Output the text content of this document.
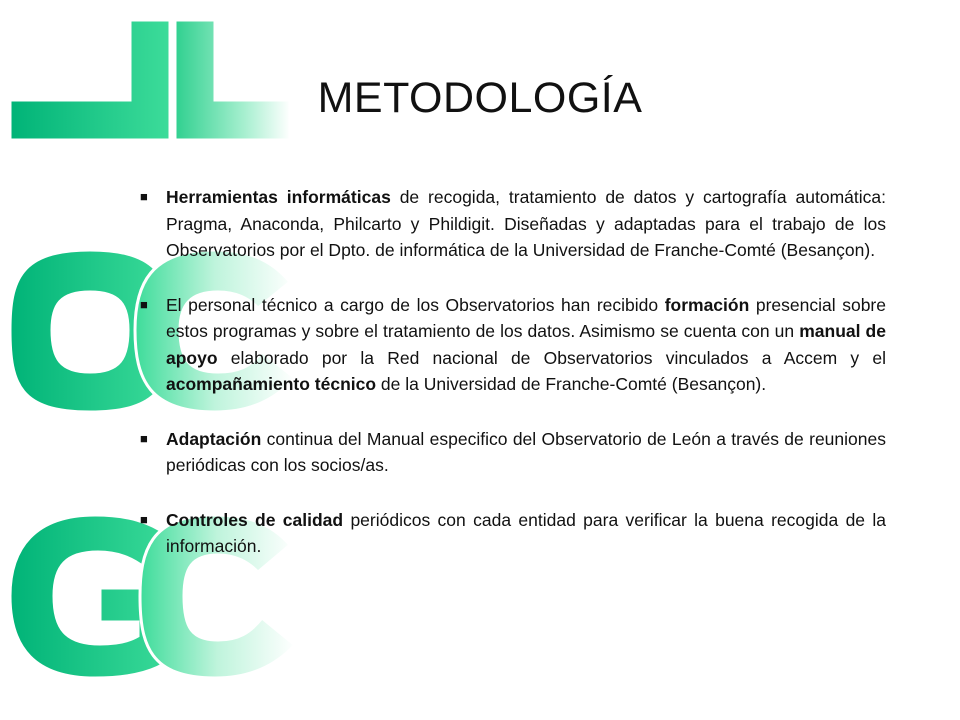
METODOLOGÍA

■ Herramientas informáticas de recogida, tratamiento de datos y cartografía automática: Pragma, Anaconda, Philcarto y Phildigit. Diseñadas y adaptadas para el trabajo de los Observatorios por el Dpto. de informática de la Universidad de Franche-Comté (Besançon).

■ El personal técnico a cargo de los Observatorios han recibido formación presencial sobre estos programas y sobre el tratamiento de los datos. Asimismo se cuenta con un manual de apoyo elaborado por la Red nacional de Observatorios vinculados a Accem y el acompañamiento técnico de la Universidad de Franche-Comté (Besançon).

■ Adaptación continua del Manual especifico del Observatorio de León a través de reuniones periódicas con los socios/as.

■ Controles de calidad periódicos con cada entidad para verificar la buena recogida de la información.
